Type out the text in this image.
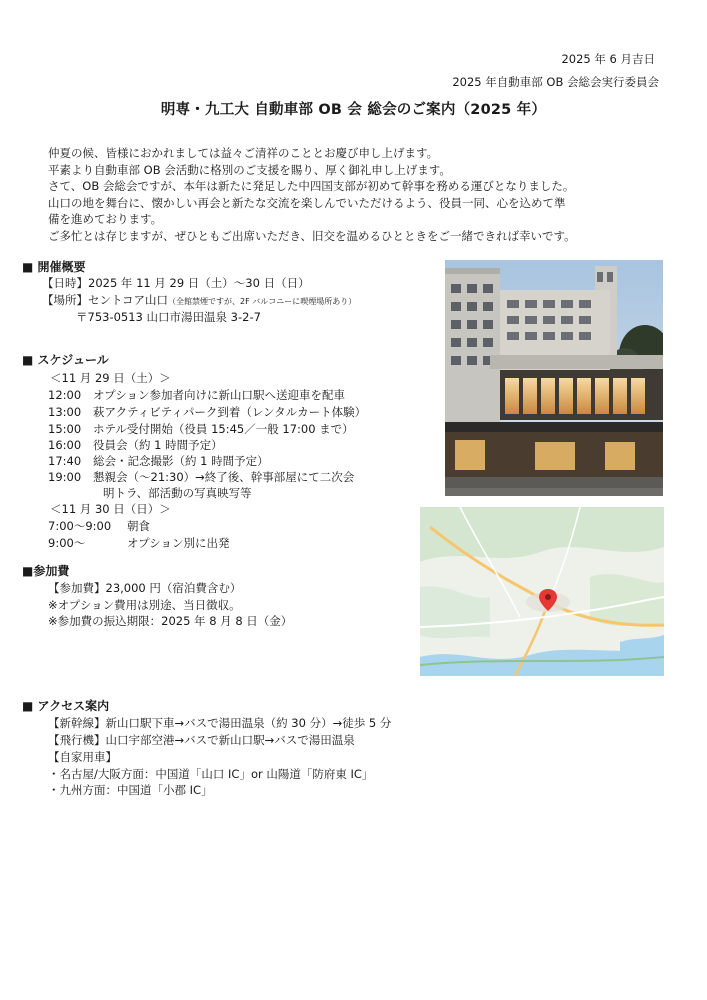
2025 年 6 月吉日
2025 年自動車部 OB 会総会実行委員会
明専・九工大 自動車部 OB 会 総会のご案内（2025 年）

仲夏の候、皆様におかれましては益々ご清祥のこととお慶び申し上げます。

平素より自動車部 OB 会活動に格別のご支援を賜り、厚く御礼申し上げます。

さて、OB 会総会ですが、本年は新たに発足した中四国支部が初めて幹事を務める運びとなりました。

山口の地を舞台に、懐かしい再会と新たな交流を楽しんでいただけるよう、役員一同、心を込めて準

備を進めております。

ご多忙とは存じますが、ぜひともご出席いただき、旧交を温めるひとときをご一緒できれば幸いです。

■ 開催概要
【日時】2025 年 11 月 29 日（土）〜30 日（日）
【場所】セントコア山口（全館禁煙ですが、2F バルコニーに喫煙場所あり）
〒753-0513 山口市湯田温泉 3-2-7
■ スケジュール
＜11 月 29 日（土）＞
12:00 オプション参加者向けに新山口駅へ送迎車を配車
13:00 萩アクティビティパーク到着（レンタルカート体験）
15:00 ホテル受付開始（役員 15:45／一般 17:00 まで）
16:00 役員会（約 1 時間予定）
17:40 総会・記念撮影（約 1 時間予定）
19:00 懇親会（〜21:30）→終了後、幹事部屋にて二次会
明トラ、部活動の写真映写等
＜11 月 30 日（日）＞
7:00〜9:00 朝食
9:00〜	オプション別に出発
■参加費
【参加費】23,000 円（宿泊費含む）
※オプション費用は別途、当日徴収。
※参加費の振込期限：2025 年 8 月 8 日（金）
■ アクセス案内
【新幹線】新山口駅下車→バスで湯田温泉（約 30 分）→徒歩 5 分
【飛行機】山口宇部空港→バスで新山口駅→バスで湯田温泉
【自家用車】
・名古屋/大阪方面：中国道「山口 IC」or 山陽道「防府東 IC」
・九州方面：中国道「小郡 IC」
